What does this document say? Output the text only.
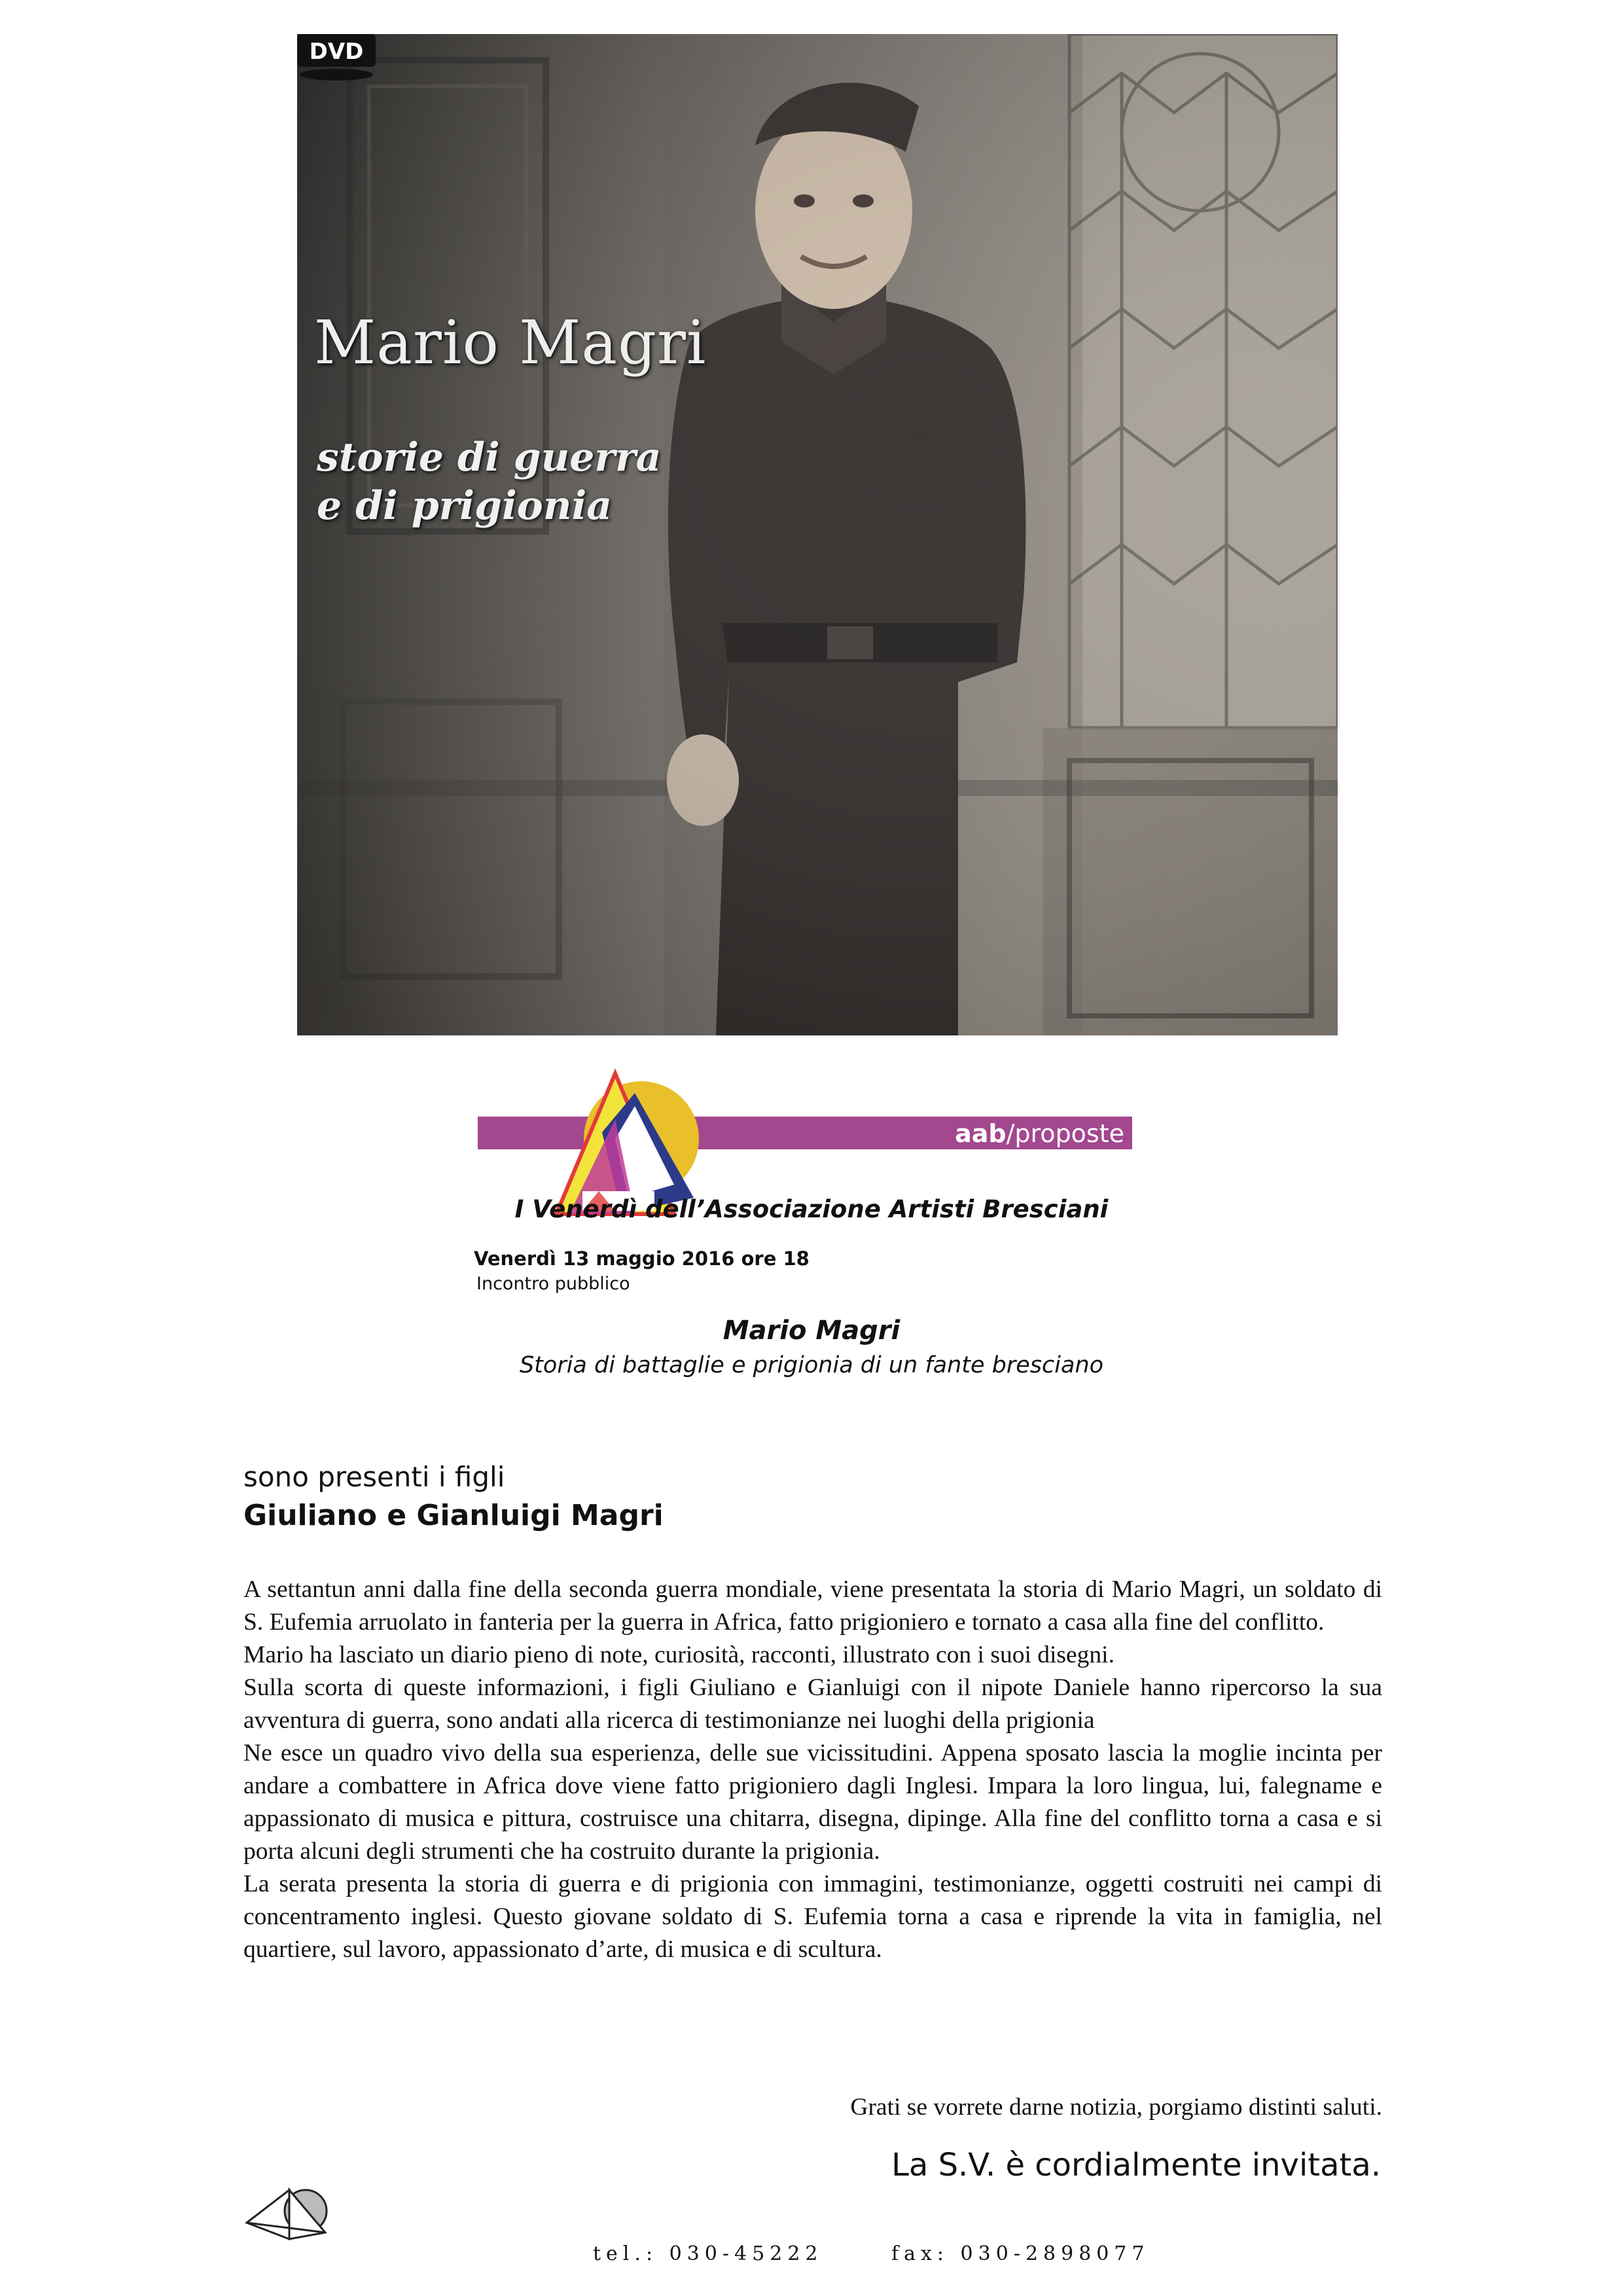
Mario Magri
storie di guerra
e di prigionia
DVD
aab/proposte
I Venerdì dell’Associazione Artisti Bresciani
Venerdì 13 maggio 2016 ore 18
Incontro pubblico
Mario Magri
Storia di battaglie e prigionia di un fante bresciano
sono presenti i figli
Giuliano e Gianluigi Magri

A settantun anni dalla fine della seconda guerra mondiale, viene presentata la storia di Mario Magri, un soldato di S. Eufemia arruolato in fanteria per la guerra in Africa, fatto prigioniero e tornato a casa alla fine del conflitto.

Mario ha lasciato un diario pieno di note, curiosità, racconti, illustrato con i suoi disegni.

Sulla scorta di queste informazioni, i figli Giuliano e Gianluigi con il nipote Daniele hanno ripercorso la sua avventura di guerra, sono andati alla ricerca di testimonianze nei luoghi della prigionia

Ne esce un quadro vivo della sua esperienza, delle sue vicissitudini. Appena sposato lascia la moglie incinta per andare a combattere in Africa dove viene fatto prigioniero dagli Inglesi. Impara la loro lingua, lui, falegname e appassionato di musica e pittura, costruisce una chitarra, disegna, dipinge. Alla fine del conflitto torna a casa e si porta alcuni degli strumenti che ha costruito durante la prigionia.

La serata presenta la storia di guerra e di prigionia con immagini, testimonianze, oggetti costruiti nei campi di concentramento inglesi. Questo giovane soldato di S. Eufemia torna a casa e riprende la vita in famiglia, nel quartiere, sul lavoro, appassionato d’arte, di musica e di scultura.

Grati se vorrete darne notizia, porgiamo distinti saluti.
La S.V. è cordialmente invitata.
tel.: 030-45222	fax: 030-2898077
